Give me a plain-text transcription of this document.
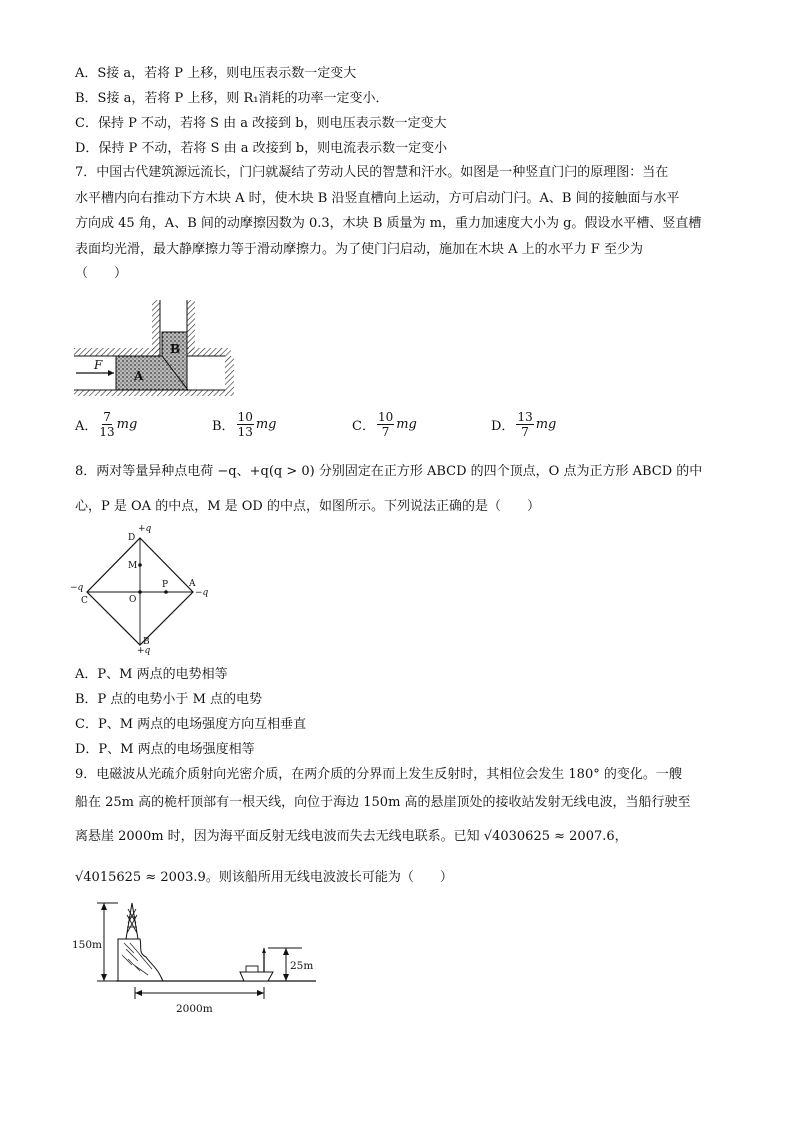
A．S接 a，若将 P 上移，则电压表示数一定变大
B．S接 a，若将 P 上移，则 R₁消耗的功率一定变小．
C．保持 P 不动，若将 S 由 a 改接到 b，则电压表示数一定变大
D．保持 P 不动，若将 S 由 a 改接到 b，则电流表示数一定变小
7．中国古代建筑源远流长，门闩就凝结了劳动人民的智慧和汗水。如图是一种竖直门闩的原理图：当在
水平槽内向右推动下方木块 A 时，使木块 B 沿竖直槽向上运动，方可启动门闩。A、B 间的接触面与水平
方向成 45 角，A、B 间的动摩擦因数为 0.3，木块 B 质量为 m，重力加速度大小为 g。假设水平槽、竖直槽
表面均光滑，最大静摩擦力等于滑动摩擦力。为了使门闩启动，施加在木块 A 上的水平力 F 至少为
（　　）
B
A
F
A． $\frac{7}{13}$ mg	B． $\frac{10}{13}$ mg	C． $\frac{10}{7}$ mg	D． $\frac{13}{7}$ mg
8．两对等量异种点电荷 −q、+q(q > 0) 分别固定在正方形 ABCD 的四个顶点，O 点为正方形 ABCD 的中
心，P 是 OA 的中点，M 是 OD 的中点，如图所示。下列说法正确的是（　　）
D
+q
C
−q	A
−q
B
+q
M
P
O
A．P、M 两点的电势相等
B．P 点的电势小于 M 点的电势
C．P、M 两点的电场强度方向互相垂直
D．P、M 两点的电场强度相等
9．电磁波从光疏介质射向光密介质，在两介质的分界而上发生反射时，其相位会发生 180° 的变化。一艘
船在 25m 高的桅杆顶部有一根天线，向位于海边 150m 高的悬崖顶处的接收站发射无线电波，当船行驶至
离悬崖 2000m 时，因为海平面反射无线电波而失去无线电联系。已知 √4030625 ≈ 2007.6，
√4015625 ≈ 2003.9。则该船所用无线电波波长可能为（　　）
150m
25m
2000m
